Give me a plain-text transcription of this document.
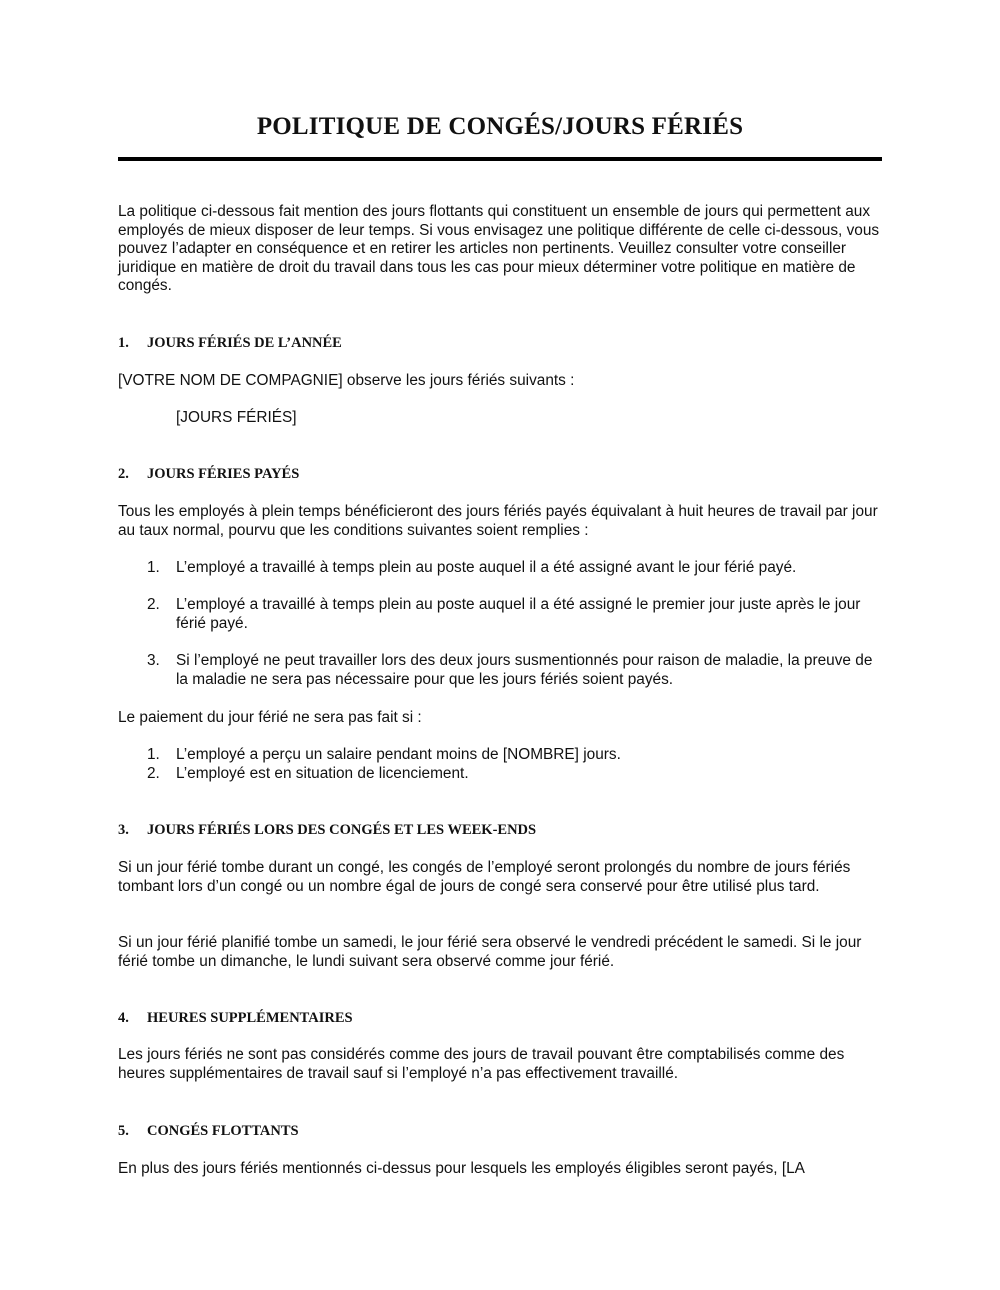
POLITIQUE DE CONGÉS/JOURS FÉRIÉS

La politique ci-dessous fait mention des jours flottants qui constituent un ensemble de jours qui permettent aux employés de mieux disposer de leur temps. Si vous envisagez une politique différente de celle ci-dessous, vous pouvez l’adapter en conséquence et en retirer les articles non pertinents. Veuillez consulter votre conseiller juridique en matière de droit du travail dans tous les cas pour mieux déterminer votre politique en matière de congés.

1. JOURS FÉRIÉS DE L’ANNÉE

[VOTRE NOM DE COMPAGNIE] observe les jours fériés suivants :

[JOURS FÉRIÉS]

2. JOURS FÉRIES PAYÉS

Tous les employés à plein temps bénéficieront des jours fériés payés équivalant à huit heures de travail par jour au taux normal, pourvu que les conditions suivantes soient remplies :

1.	L’employé a travaillé à temps plein au poste auquel il a été assigné avant le jour férié payé.
2.	L’employé a travaillé à temps plein au poste auquel il a été assigné le premier jour juste après le jour férié payé.
3.	Si l’employé ne peut travailler lors des deux jours susmentionnés pour raison de maladie, la preuve de la maladie ne sera pas nécessaire pour que les jours fériés soient payés.

Le paiement du jour férié ne sera pas fait si :

1.	L’employé a perçu un salaire pendant moins de [NOMBRE] jours.
2.	L’employé est en situation de licenciement.
3. JOURS FÉRIÉS LORS DES CONGÉS ET LES WEEK-ENDS

Si un jour férié tombe durant un congé, les congés de l’employé seront prolongés du nombre de jours fériés tombant lors d’un congé ou un nombre égal de jours de congé sera conservé pour être utilisé plus tard.

Si un jour férié planifié tombe un samedi, le jour férié sera observé le vendredi précédent le samedi. Si le jour férié tombe un dimanche, le lundi suivant sera observé comme jour férié.

4. HEURES SUPPLÉMENTAIRES

Les jours fériés ne sont pas considérés comme des jours de travail pouvant être comptabilisés comme des heures supplémentaires de travail sauf si l’employé n’a pas effectivement travaillé.

5. CONGÉS FLOTTANTS

En plus des jours fériés mentionnés ci-dessus pour lesquels les employés éligibles seront payés, [LA
